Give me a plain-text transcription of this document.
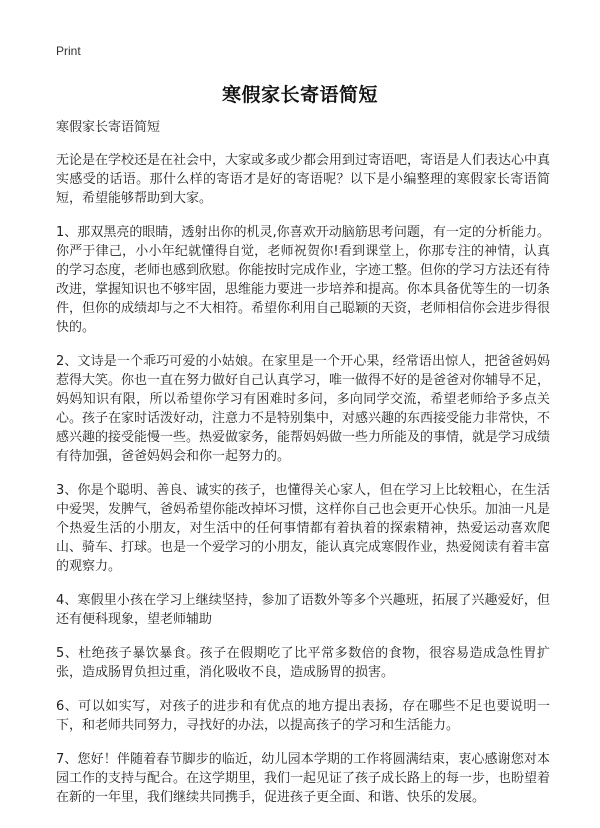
Print
寒假家长寄语简短

寒假家长寄语简短

无论是在学校还是在社会中，大家或多或少都会用到过寄语吧，寄语是人们表达心中真实感受的话语。那什么样的寄语才是好的寄语呢？以下是小编整理的寒假家长寄语简短，希望能够帮助到大家。

1、那双黑亮的眼睛，透射出你的机灵,你喜欢开动脑筋思考问题，有一定的分析能力。你严于律己，小小年纪就懂得自觉，老师祝贺你!看到课堂上，你那专注的神情，认真的学习态度，老师也感到欣慰。你能按时完成作业，字迹工整。但你的学习方法还有待改进，掌握知识也不够牢固，思维能力要进一步培养和提高。你本具备优等生的一切条件，但你的成绩却与之不大相符。希望你利用自己聪颖的天资，老师相信你会进步得很快的。

2、文诗是一个乖巧可爱的小姑娘。在家里是一个开心果，经常语出惊人，把爸爸妈妈惹得大笑。你也一直在努力做好自己认真学习，唯一做得不好的是爸爸对你辅导不足，妈妈知识有限，所以希望你学习有困难时多问，多向同学交流，希望老师给予多点关心。孩子在家时话泼好动，注意力不是特别集中，对感兴趣的东西接受能力非常快，不感兴趣的接受能慢一些。热爱做家务，能帮妈妈做一些力所能及的事情，就是学习成绩有待加强，爸爸妈妈会和你一起努力的。

3、你是个聪明、善良、诚实的孩子，也懂得关心家人，但在学习上比较粗心，在生活中爱哭，发脾气，爸妈希望你能改掉坏习惯，这样你自己也会更开心快乐。加油一凡是个热爱生活的小朋友，对生活中的任何事情都有着执着的探索精神，热爱运动喜欢爬山、骑车、打球。也是一个爱学习的小朋友，能认真完成寒假作业，热爱阅读有着丰富的观察力。

4、寒假里小孩在学习上继续坚持，参加了语数外等多个兴趣班，拓展了兴趣爱好，但还有便科现象，望老师辅助

5、杜绝孩子暴饮暴食。孩子在假期吃了比平常多数倍的食物，很容易造成急性胃扩张，造成肠胃负担过重，消化吸收不良，造成肠胃的损害。

6、可以如实写，对孩子的进步和有优点的地方提出表扬，存在哪些不足也要说明一下，和老师共同努力，寻找好的办法，以提高孩子的学习和生活能力。

7、您好！伴随着春节脚步的临近，幼儿园本学期的工作将圆满结束，衷心感谢您对本园工作的支持与配合。在这学期里，我们一起见证了孩子成长路上的每一步，也盼望着在新的一年里，我们继续共同携手，促进孩子更全面、和谐、快乐的发展。
